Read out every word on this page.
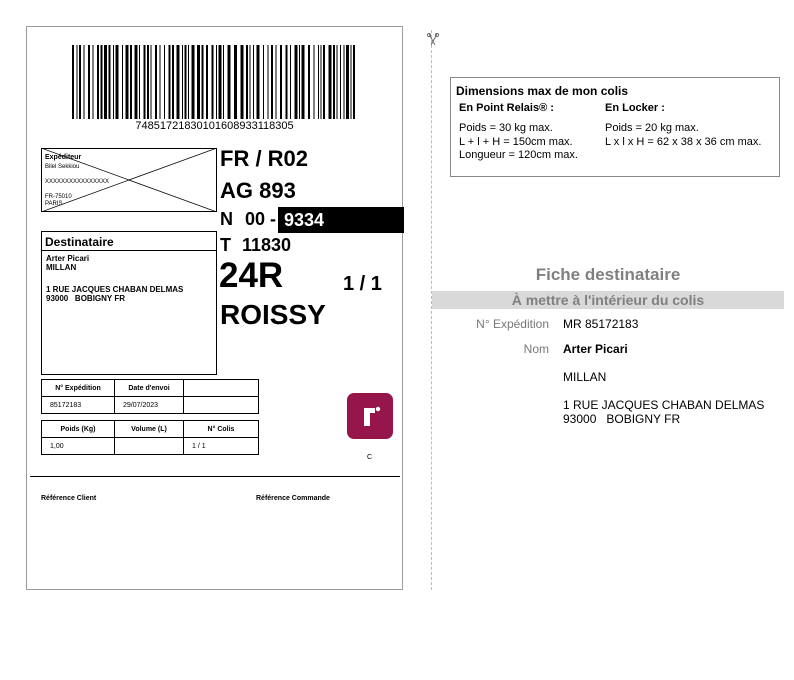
74851721830101608933118305
Expéditeur
Bilel Sekkiou
XXXXXXXXXXXXXXXX
FR-75010
PARIS
FR / R02
AG 893
N 00 - 9334
T 11830
24R	1 / 1
ROISSY
Destinataire
Arter Picari
MILLAN
1 RUE JACQUES CHABAN DELMAS
93000   BOBIGNY FR
N° Expédition	Date d'envoi	
85172183	29/07/2023	
Poids (Kg)	Volume (L)	N° Colis
1,00		1 / 1
C
Référence Client	Référence Commande
Dimensions max de mon colis
En Point Relais® :
Poids = 30 kg max.
L + l + H = 150cm max.
Longueur = 120cm max.
En Locker :
Poids = 20 kg max.
L x l x H = 62 x 38 x 36 cm max.
Fiche destinataire
À mettre à l'intérieur du colis
N° Expédition MR 85172183
Nom Arter Picari
MILLAN
1 RUE JACQUES CHABAN DELMAS
93000   BOBIGNY FR
